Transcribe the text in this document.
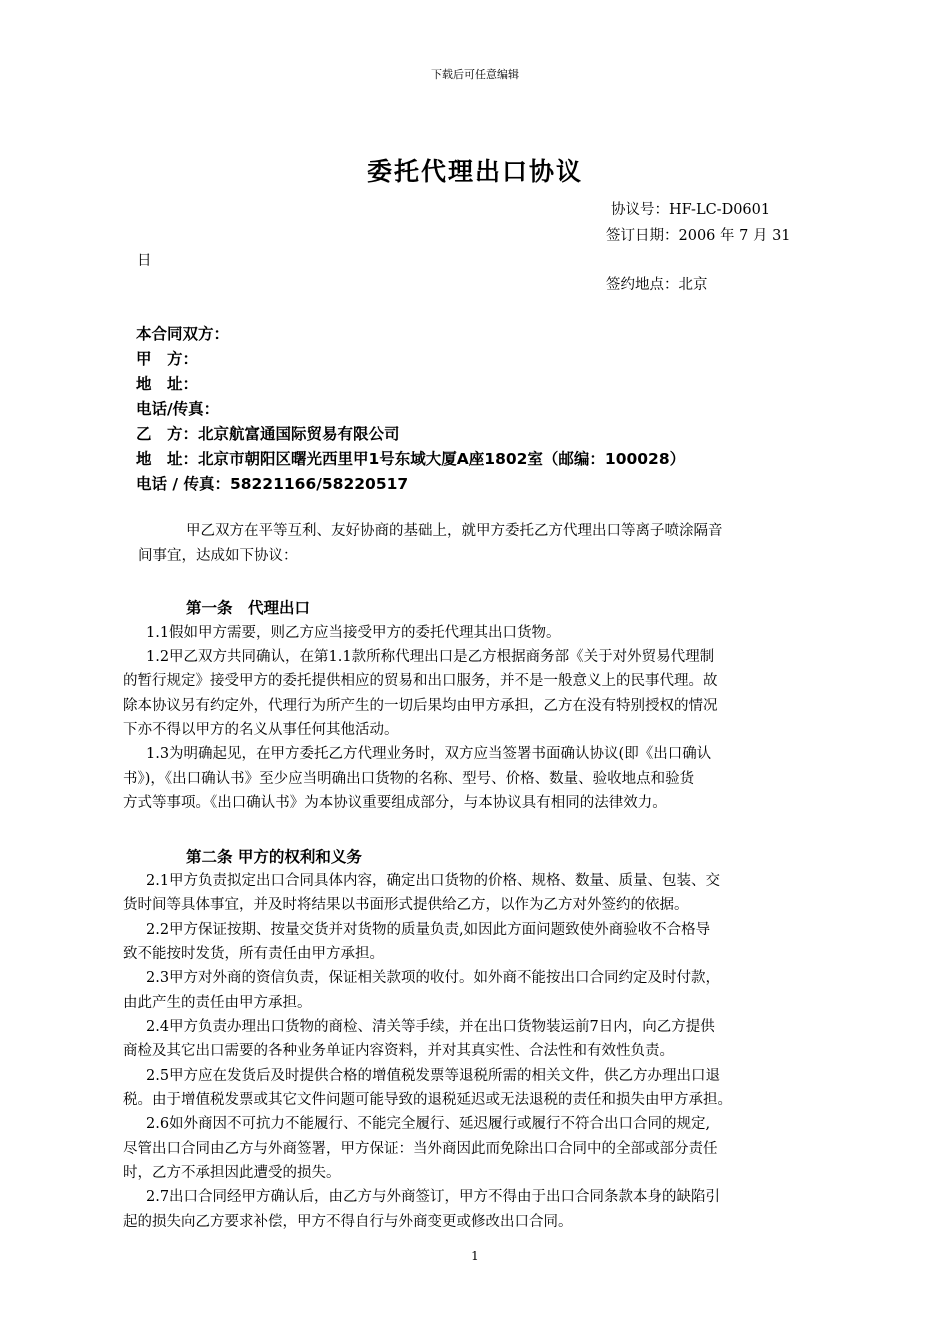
下载后可任意编辑
委托代理出口协议
协议号：HF-LC-D0601
签订日期：2006 年 7 月 31
日
签约地点：北京
本合同双方：
甲　方：
地　址：
电话/传真：
乙　方：北京航富通国际贸易有限公司
地　址：北京市朝阳区曙光西里甲1号东域大厦A座1802室（邮编：100028）
电话 / 传真：58221166/58220517
甲乙双方在平等互利、友好协商的基础上，就甲方委托乙方代理出口等离子喷涂隔音
间事宜，达成如下协议：
第一条　代理出口
1.1假如甲方需要，则乙方应当接受甲方的委托代理其出口货物。
1.2甲乙双方共同确认，在第1.1款所称代理出口是乙方根据商务部《关于对外贸易代理制
的暂行规定》接受甲方的委托提供相应的贸易和出口服务，并不是一般意义上的民事代理。故
除本协议另有约定外，代理行为所产生的一切后果均由甲方承担，乙方在没有特别授权的情况
下亦不得以甲方的名义从事任何其他活动。
1.3为明确起见，在甲方委托乙方代理业务时，双方应当签署书面确认协议(即《出口确认
书》)，《出口确认书》至少应当明确出口货物的名称、型号、价格、数量、验收地点和验货
方式等事项。《出口确认书》为本协议重要组成部分，与本协议具有相同的法律效力。
第二条 甲方的权利和义务
2.1甲方负责拟定出口合同具体内容，确定出口货物的价格、规格、数量、质量、包装、交
货时间等具体事宜，并及时将结果以书面形式提供给乙方，以作为乙方对外签约的依据。
2.2甲方保证按期、按量交货并对货物的质量负责,如因此方面问题致使外商验收不合格导
致不能按时发货，所有责任由甲方承担。
2.3甲方对外商的资信负责，保证相关款项的收付。如外商不能按出口合同约定及时付款，
由此产生的责任由甲方承担。
2.4甲方负责办理出口货物的商检、清关等手续，并在出口货物装运前7日内，向乙方提供
商检及其它出口需要的各种业务单证内容资料，并对其真实性、合法性和有效性负责。
2.5甲方应在发货后及时提供合格的增值税发票等退税所需的相关文件，供乙方办理出口退
税。由于增值税发票或其它文件问题可能导致的退税延迟或无法退税的责任和损失由甲方承担。
2.6如外商因不可抗力不能履行、不能完全履行、延迟履行或履行不符合出口合同的规定,
尽管出口合同由乙方与外商签署，甲方保证：当外商因此而免除出口合同中的全部或部分责任
时，乙方不承担因此遭受的损失。
2.7出口合同经甲方确认后，由乙方与外商签订，甲方不得由于出口合同条款本身的缺陷引
起的损失向乙方要求补偿，甲方不得自行与外商变更或修改出口合同。
1
